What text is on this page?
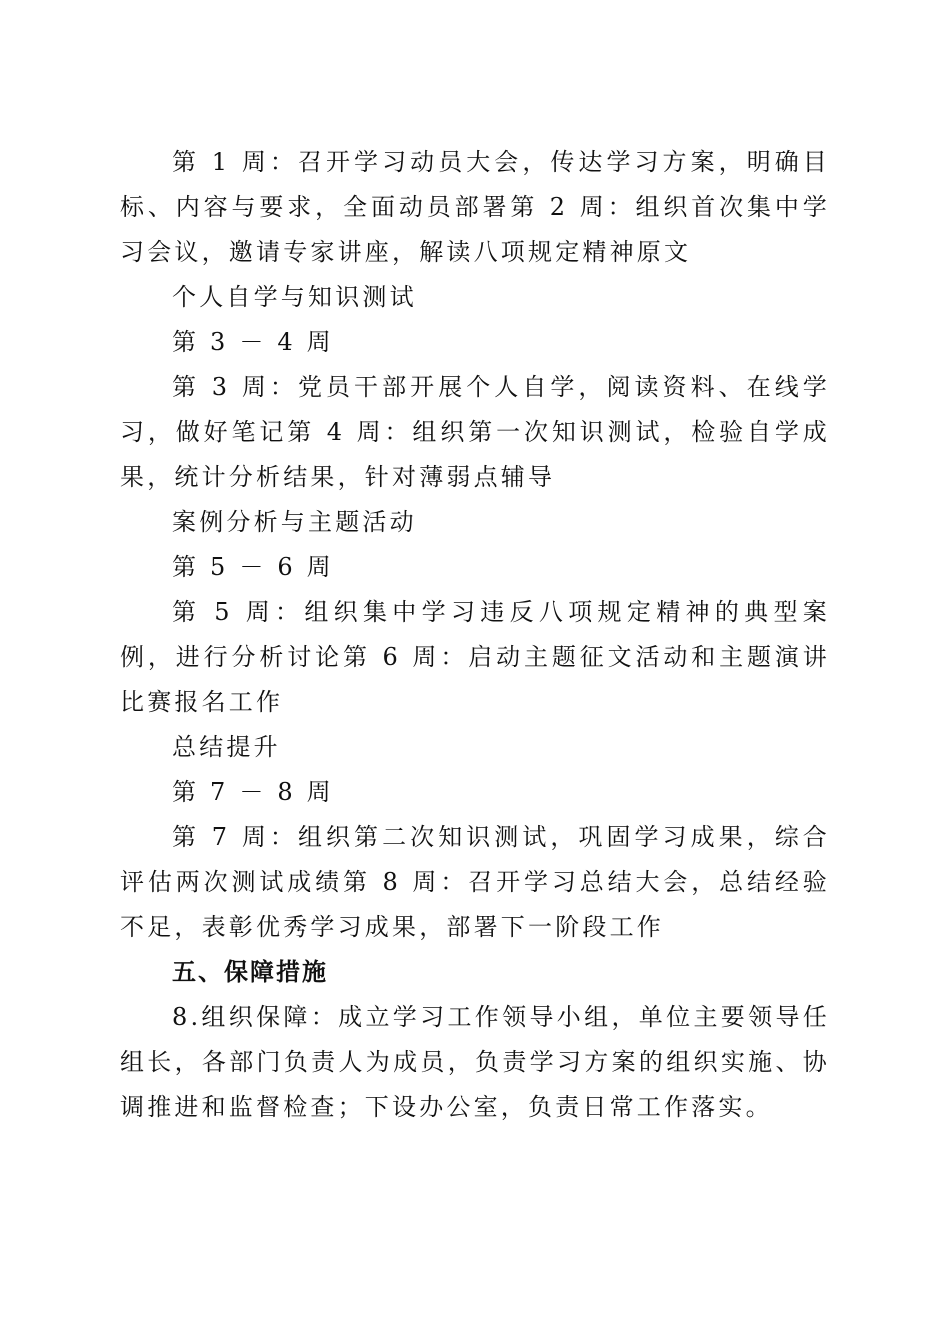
第 1 周：召开学习动员大会，传达学习方案，明确目标、内容与要求，全面动员部署第 2 周：组织首次集中学习会议，邀请专家讲座，解读八项规定精神原文

个人自学与知识测试

第 3 － 4 周

第 3 周：党员干部开展个人自学，阅读资料、在线学习，做好笔记第 4 周：组织第一次知识测试，检验自学成果，统计分析结果，针对薄弱点辅导

案例分析与主题活动

第 5 － 6 周

第 5 周：组织集中学习违反八项规定精神的典型案例，进行分析讨论第 6 周：启动主题征文活动和主题演讲比赛报名工作

总结提升

第 7 － 8 周

第 7 周：组织第二次知识测试，巩固学习成果，综合评估两次测试成绩第 8 周：召开学习总结大会，总结经验不足，表彰优秀学习成果，部署下一阶段工作

五、保障措施

8.组织保障：成立学习工作领导小组，单位主要领导任组长，各部门负责人为成员，负责学习方案的组织实施、协调推进和监督检查；下设办公室，负责日常工作落实。
